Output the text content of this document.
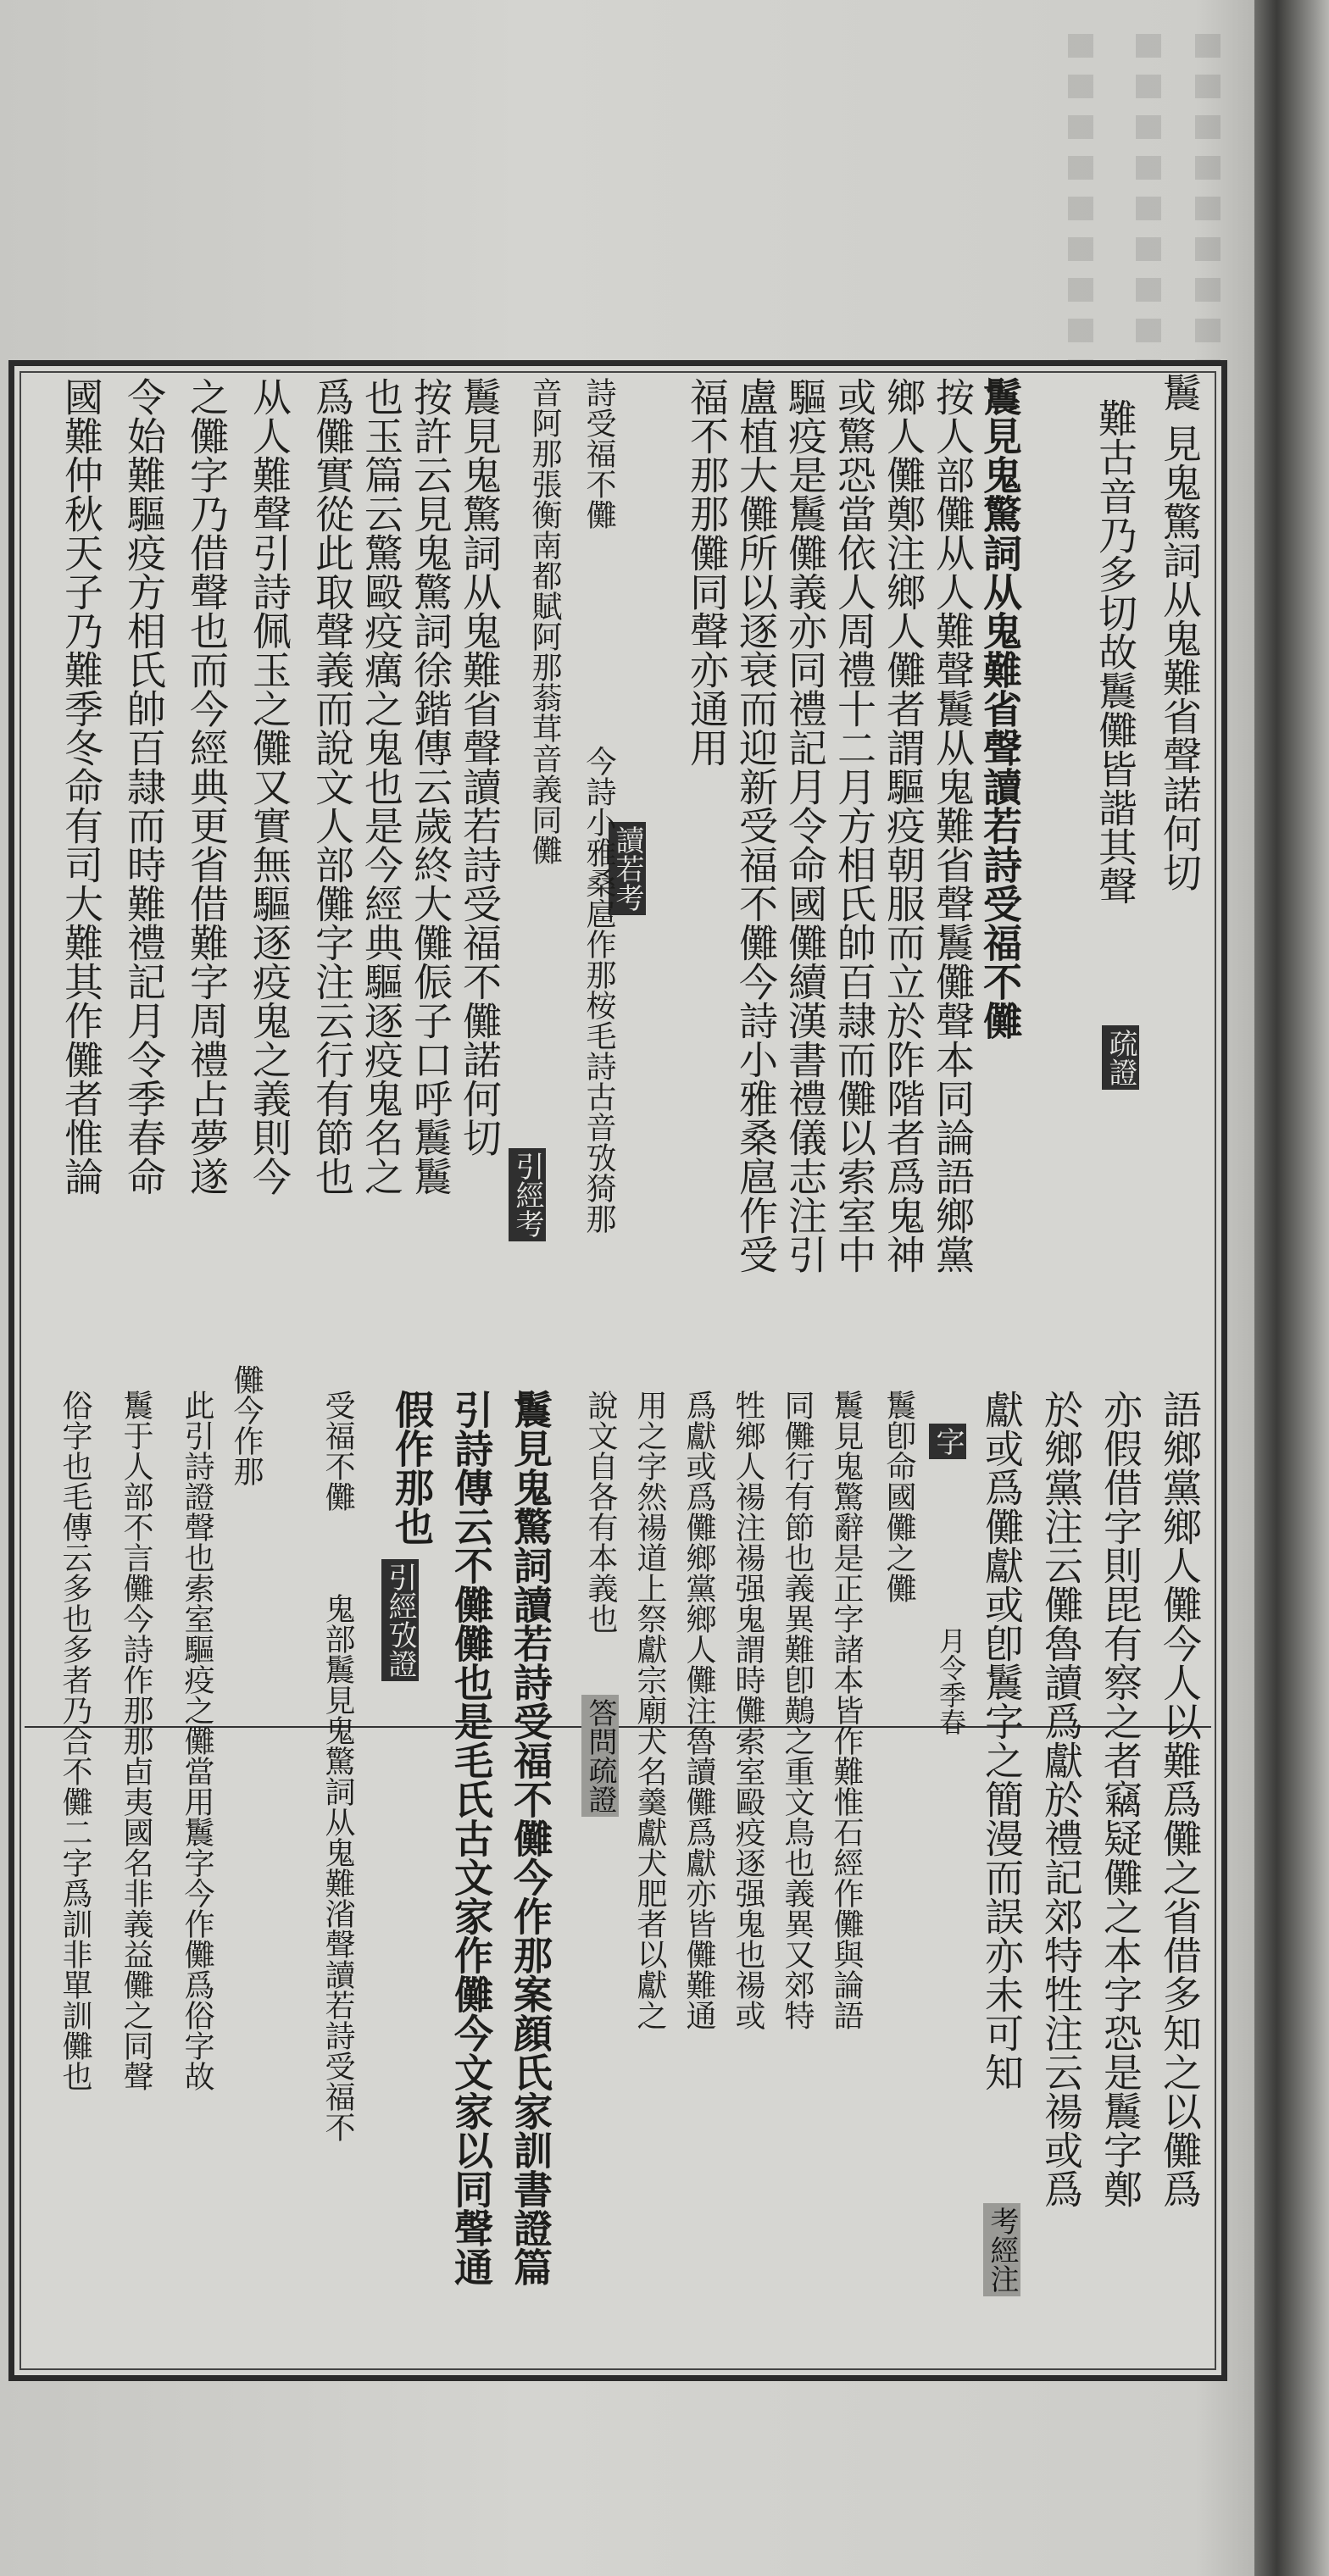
鬞
見鬼驚詞从鬼難省聲諾何切
難古音乃多切故鬞儺皆諧其聲
疏證
鬞見鬼驚詞从鬼難省聲讀若詩受福不儺
按人部儺从人難聲鬞从鬼難省聲鬞儺聲本同論語鄉黨
鄉人儺鄭注鄉人儺者謂驅疫朝服而立於阼階者爲鬼神
或驚恐當依人周禮十二月方相氏帥百隷而儺以索室中
驅疫是鬞儺義亦同禮記月令命國儺續漢書禮儀志注引
盧植大儺所以逐衰而迎新受福不儺今詩小雅桑扈作受
福不那那儺同聲亦通用
讀若考
詩受福不儺
今詩小雅桑扈作那桉毛詩古音攷猗那
音阿那張衡南都賦阿那蓊茸音義同儺
引經考
鬞見鬼驚詞从鬼難省聲讀若詩受福不儺諾何切
按許云見鬼驚詞徐鍇傳云歲終大儺侲子口呼鬞鬞
也玉篇云驚毆疫癘之鬼也是今經典驅逐疫鬼名之
爲儺實從此取聲義而說文人部儺字注云行有節也
从人難聲引詩佩玉之儺又實無驅逐疫鬼之義則今
之儺字乃借聲也而今經典更省借難字周禮占夢遂
令始難驅疫方相氏帥百隷而時難禮記月令季春命
國難仲秋天子乃難季冬命有司大難其作儺者惟論
語鄉黨鄉人儺今人以難爲儺之省借多知之以儺爲
亦假借字則毘有察之者竊疑儺之本字恐是鬞字鄭
於鄉黨注云儺魯讀爲獻於禮記郊特牲注云禓或爲
獻或爲儺獻或卽鬞字之簡漫而誤亦未可知
考經注
字
鬞卽命國儺之儺
月令季春
鬞見鬼驚辭是正字諸本皆作難惟石經作儺與論語
同儺行有節也義異難卽鷬之重文鳥也義異又郊特
牲鄉人禓注禓强鬼謂時儺索室毆疫逐强鬼也禓或
爲獻或爲儺鄉黨鄉人儺注魯讀儺爲獻亦皆儺難通
用之字然禓道上祭獻宗廟犬名羹獻犬肥者以獻之
說文自各有本義也
答問疏證
鬞見鬼驚詞讀若詩受福不儺今作那案顔氏家訓書證篇
引詩傳云不儺儺也是毛氏古文家作儺今文家以同聲通
假作那也
引經攷證
受福不儺
鬼部鬞見鬼驚詞从鬼難渻聲讀若詩受福不
儺今作那
此引詩證聲也索室驅疫之儺當用鬞字今作儺爲俗字故
鬞于人部不言儺今詩作那那卣夷國名非義益儺之同聲
俗字也毛傳云多也多者乃合不儺二字爲訓非單訓儺也
